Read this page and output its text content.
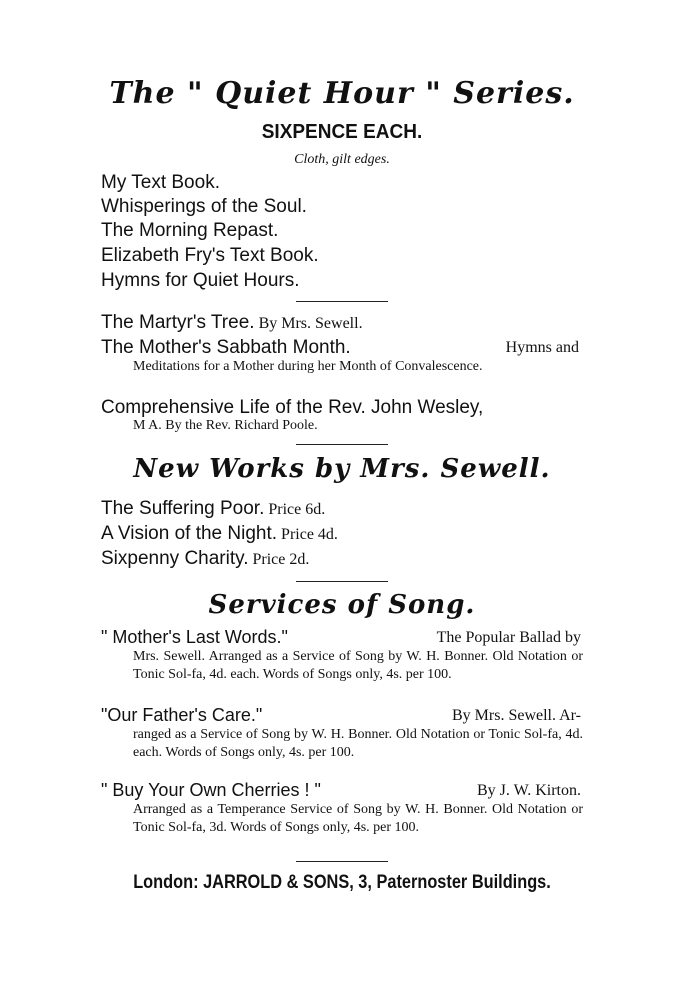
The " Quiet Hour " Series.
SIXPENCE EACH.
Cloth, gilt edges.
My Text Book.
Whisperings of the Soul.
The Morning Repast.
Elizabeth Fry's Text Book.
Hymns for Quiet Hours.
The Martyr's Tree. By Mrs. Sewell.
The Mother's Sabbath Month.	Hymns and
Meditations for a Mother during her Month of Convalescence.
Comprehensive Life of the Rev. John Wesley,
M A. By the Rev. Richard Poole.
New Works by Mrs. Sewell.
The Suffering Poor. Price 6d.
A Vision of the Night. Price 4d.
Sixpenny Charity. Price 2d.
Services of Song.
" Mother's Last Words."	The Popular Ballad by
Mrs. Sewell. Arranged as a Service of Song by W. H. Bonner. Old Notation or Tonic Sol-fa, 4d. each. Words of Songs only, 4s. per 100.
"Our Father's Care."	By Mrs. Sewell. Ar-
ranged as a Service of Song by W. H. Bonner. Old Notation or Tonic Sol-fa, 4d. each. Words of Songs only, 4s. per 100.
" Buy Your Own Cherries ! "	By J. W. Kirton.
Arranged as a Temperance Service of Song by W. H. Bonner. Old Notation or Tonic Sol-fa, 3d. Words of Songs only, 4s. per 100.
London: JARROLD & SONS, 3, Paternoster Buildings.
